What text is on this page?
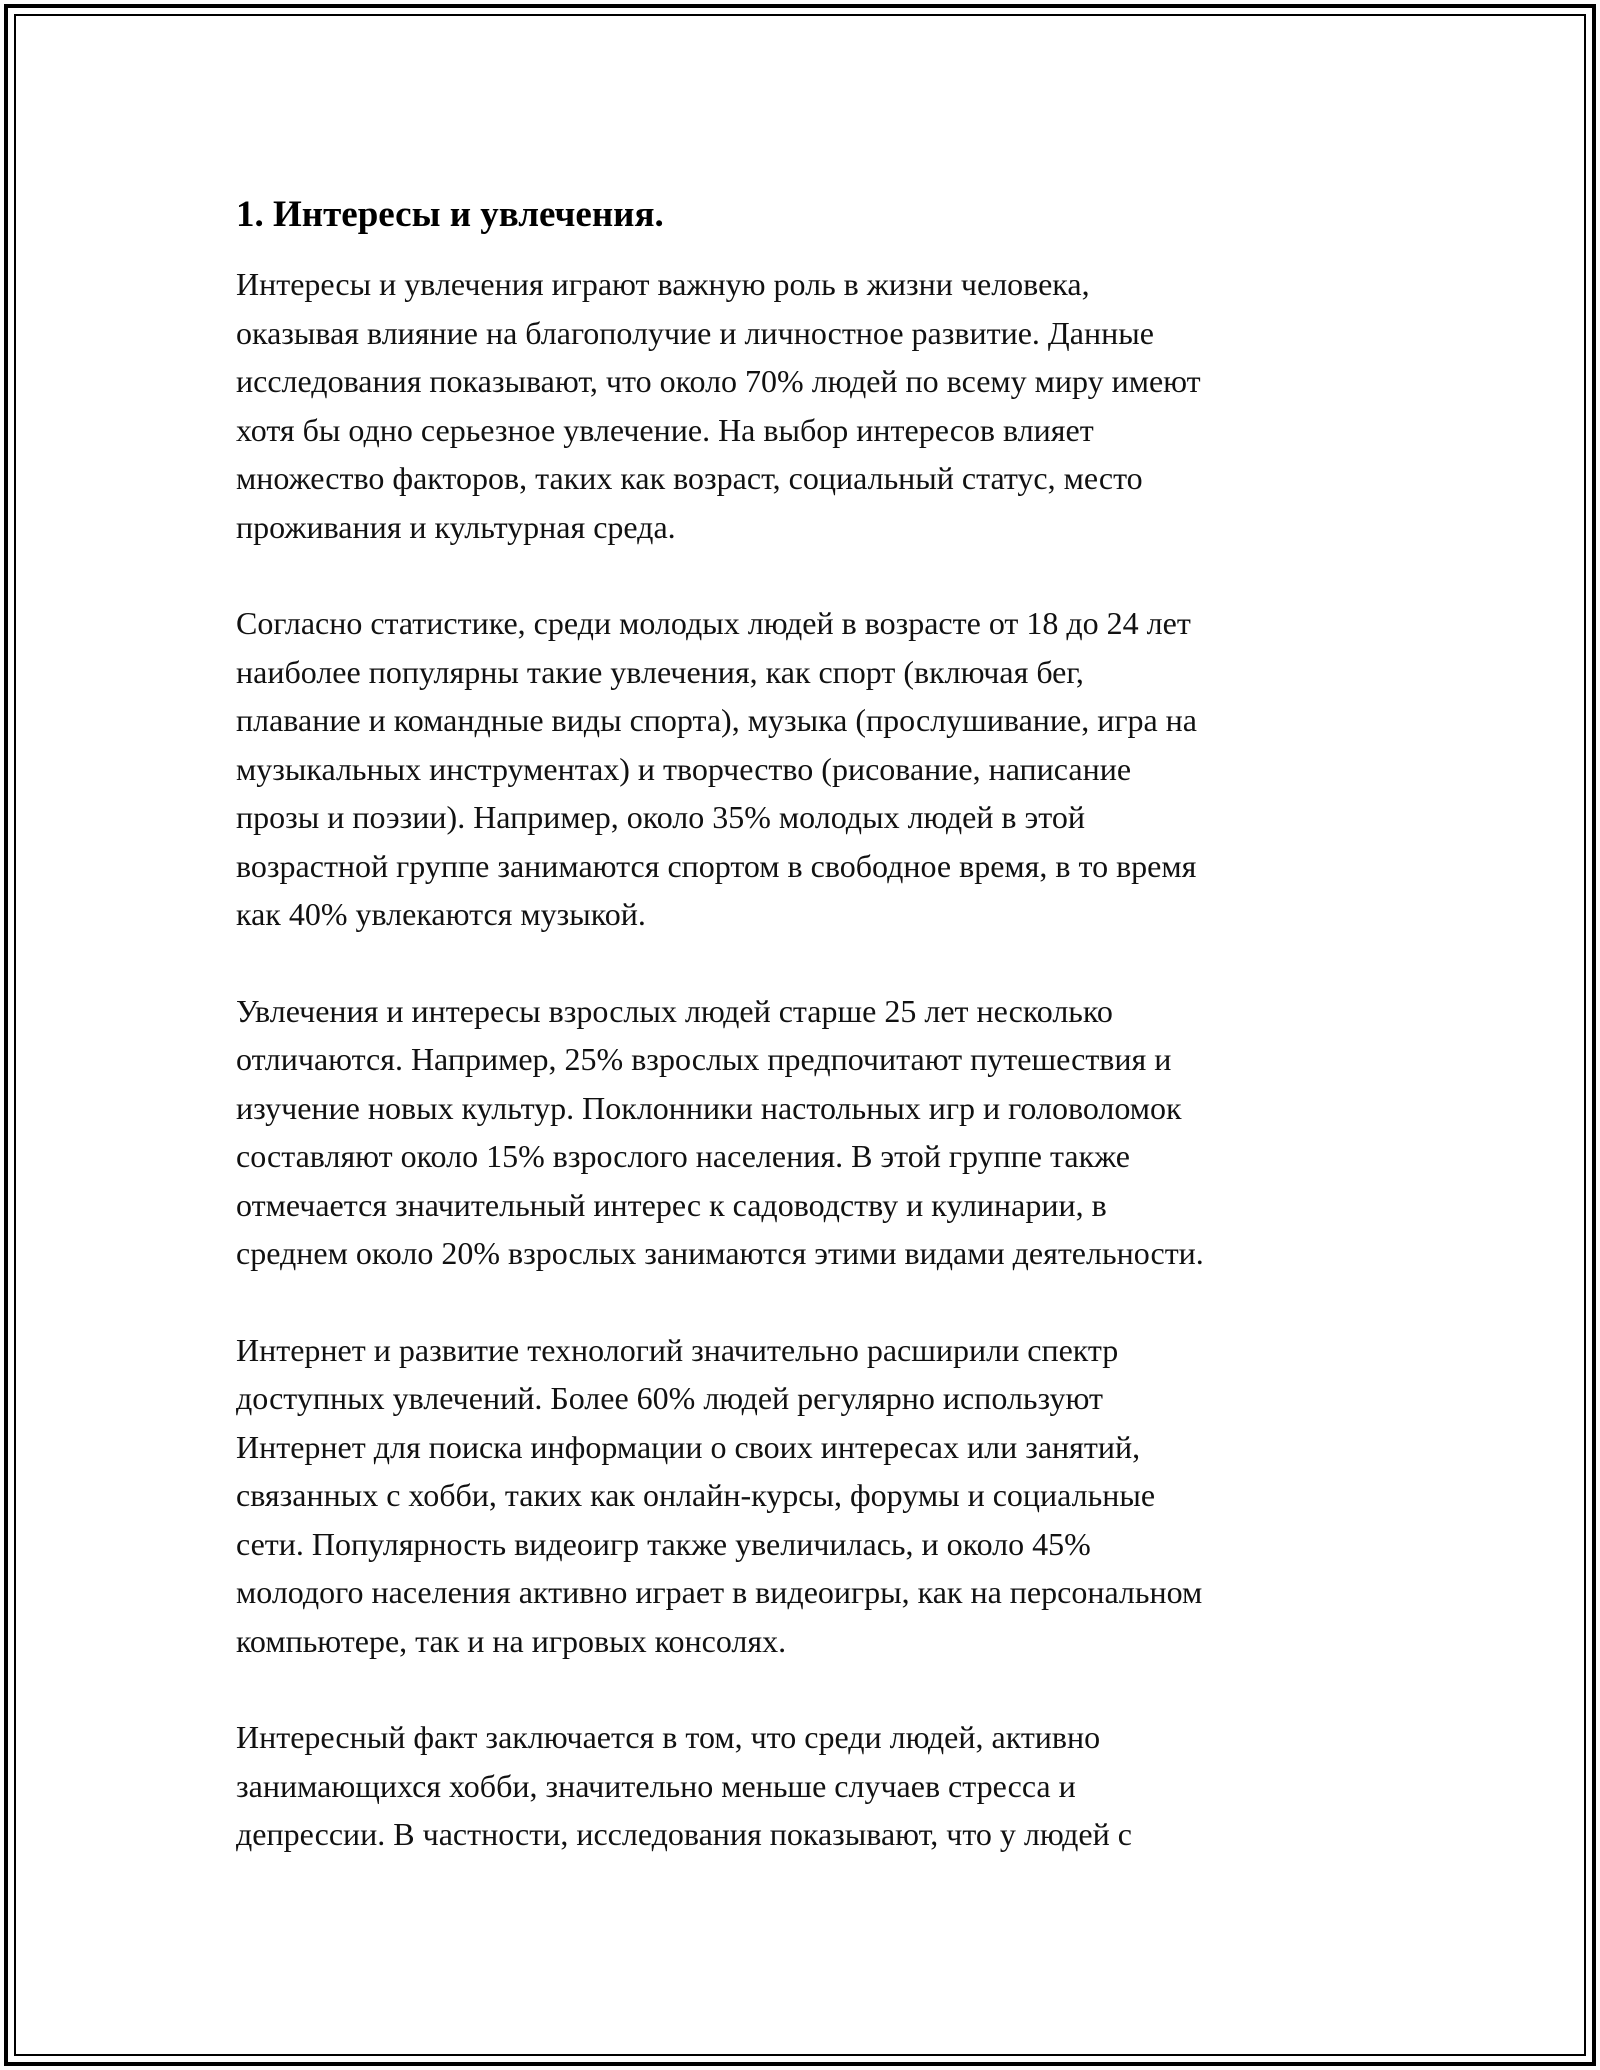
1. Интересы и увлечения.

Интересы и увлечения играют важную роль в жизни человека,
оказывая влияние на благополучие и личностное развитие. Данные
исследования показывают, что около 70% людей по всему миру имеют
хотя бы одно серьезное увлечение. На выбор интересов влияет
множество факторов, таких как возраст, социальный статус, место
проживания и культурная среда.

Согласно статистике, среди молодых людей в возрасте от 18 до 24 лет
наиболее популярны такие увлечения, как спорт (включая бег,
плавание и командные виды спорта), музыка (прослушивание, игра на
музыкальных инструментах) и творчество (рисование, написание
прозы и поэзии). Например, около 35% молодых людей в этой
возрастной группе занимаются спортом в свободное время, в то время
как 40% увлекаются музыкой.

Увлечения и интересы взрослых людей старше 25 лет несколько
отличаются. Например, 25% взрослых предпочитают путешествия и
изучение новых культур. Поклонники настольных игр и головоломок
составляют около 15% взрослого населения. В этой группе также
отмечается значительный интерес к садоводству и кулинарии, в
среднем около 20% взрослых занимаются этими видами деятельности.

Интернет и развитие технологий значительно расширили спектр
доступных увлечений. Более 60% людей регулярно используют
Интернет для поиска информации о своих интересах или занятий,
связанных с хобби, таких как онлайн-курсы, форумы и социальные
сети. Популярность видеоигр также увеличилась, и около 45%
молодого населения активно играет в видеоигры, как на персональном
компьютере, так и на игровых консолях.

Интересный факт заключается в том, что среди людей, активно
занимающихся хобби, значительно меньше случаев стресса и
депрессии. В частности, исследования показывают, что у людей с
